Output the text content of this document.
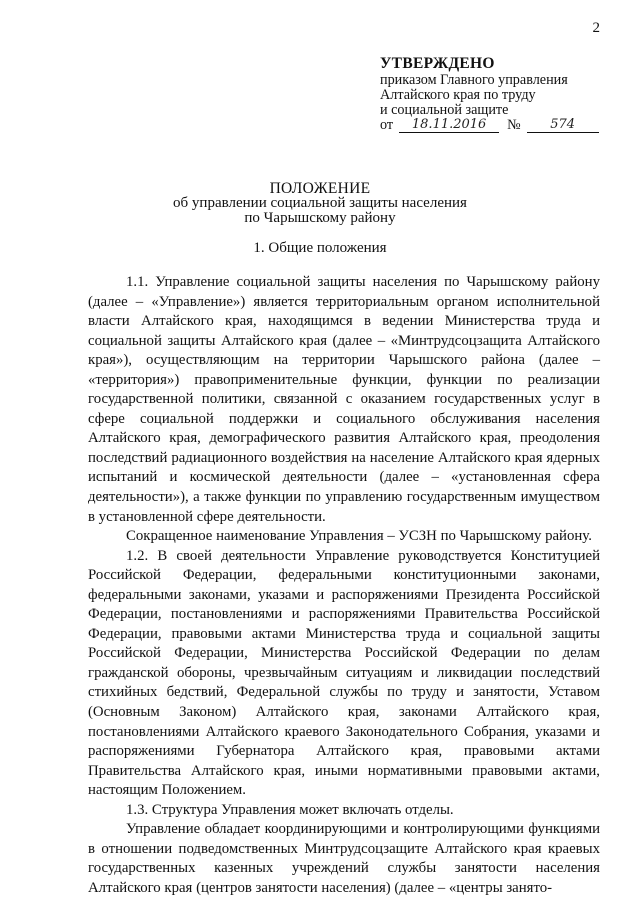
2
УТВЕРЖДЕНО
приказом Главного управления
Алтайского края по труду
и социальной защите
от	18.11.2016	№	574
ПОЛОЖЕНИЕ
об управлении социальной защиты населения
по Чарышскому району
1. Общие положения

1.1. Управление социальной защиты населения по Чарышскому району (далее – «Управление») является территориальным органом исполнительной власти Алтайского края, находящимся в ведении Министерства труда и социальной защиты Алтайского края (далее – «Минтрудсоцзащита Алтайского края»), осуществляющим на территории Чарышского района (далее – «территория») правоприменительные функции, функции по реализации государственной политики, связанной с оказанием государственных услуг в сфере социальной поддержки и социального обслуживания населения Алтайского края, демографического развития Алтайского края, преодоления последствий радиационного воздействия на население Алтайского края ядерных испытаний и космической деятельности (далее – «установленная сфера деятельности»), а также функции по управлению государственным имуществом в установленной сфере деятельности.

Сокращенное наименование Управления – УСЗН по Чарышскому району.

1.2. В своей деятельности Управление руководствуется Конституцией Российской Федерации, федеральными конституционными законами, федеральными законами, указами и распоряжениями Президента Российской Федерации, постановлениями и распоряжениями Правительства Российской Федерации, правовыми актами Министерства труда и социальной защиты Российской Федерации, Министерства Российской Федерации по делам гражданской обороны, чрезвычайным ситуациям и ликвидации последствий стихийных бедствий, Федеральной службы по труду и занятости, Уставом (Основным Законом) Алтайского края, законами Алтайского края, постановлениями Алтайского краевого Законодательного Собрания, указами и распоряжениями Губернатора Алтайского края, правовыми актами Правительства Алтайского края, иными нормативными правовыми актами, настоящим Положением.

1.3. Структура Управления может включать отделы.

Управление обладает координирующими и контролирующими функциями в отношении подведомственных Минтрудсоцзащите Алтайского края краевых государственных казенных учреждений службы занятости населения Алтайского края (центров занятости населения) (далее – «центры занято-
